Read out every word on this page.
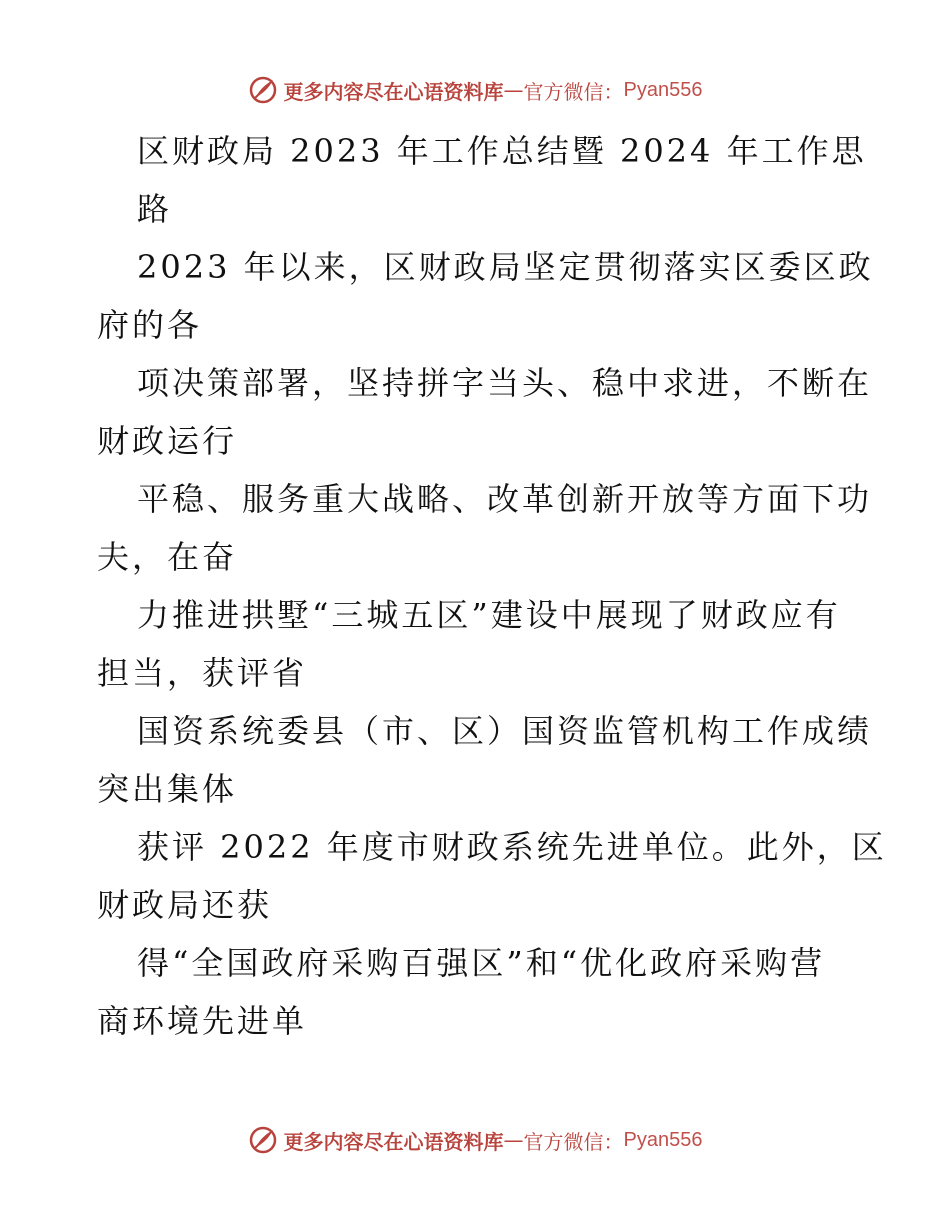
更多内容尽在心语资料库 — 官方微信： Pyan556
区财政局 2023 年工作总结暨 2024 年工作思
路
2023 年以来，区财政局坚定贯彻落实区委区政
府的各
项决策部署，坚持拼字当头、稳中求进，不断在
财政运行
平稳、服务重大战略、改革创新开放等方面下功
夫，在奋
力推进拱墅“三城五区”建设中展现了财政应有
担当，获评省
国资系统委县（市、区）国资监管机构工作成绩
突出集体
获评 2022 年度市财政系统先进单位。此外，区
财政局还获
得“全国政府采购百强区”和“优化政府采购营
商环境先进单
更多内容尽在心语资料库 — 官方微信： Pyan556
